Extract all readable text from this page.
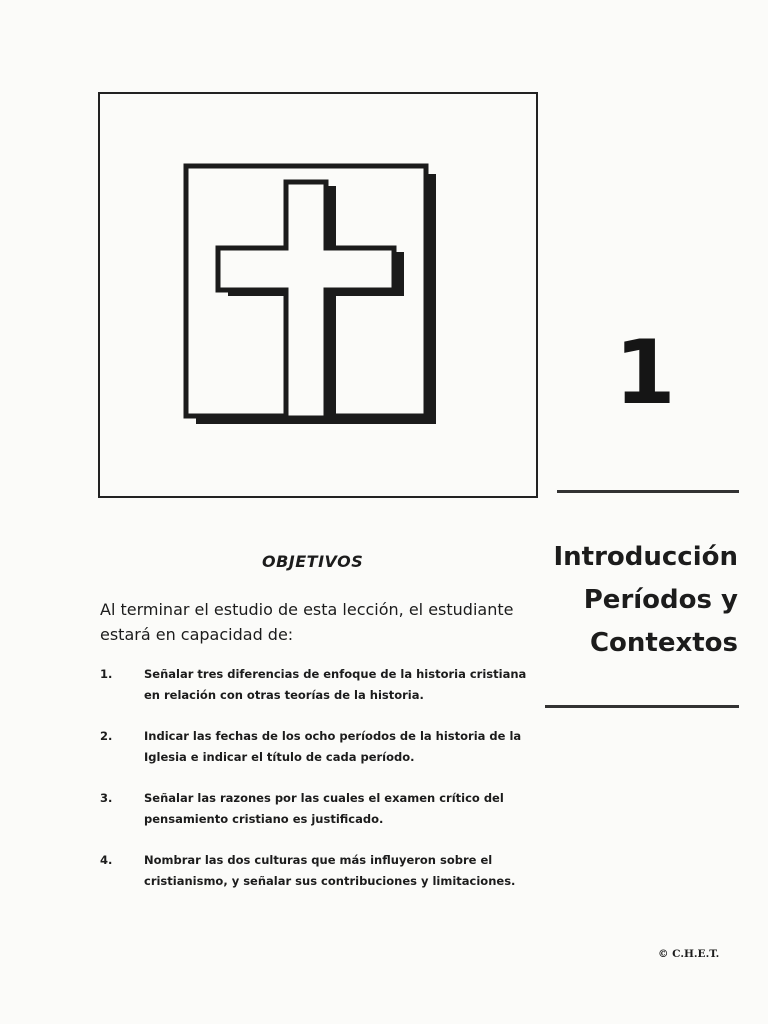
1
Introducción
Períodos y
Contextos
OBJETIVOS
Al terminar el estudio de esta lección, el estudiante estará en capacidad de:
1.	Señalar tres diferencias de enfoque de la historia cristiana en relación con otras teorías de la historia.
2.	Indicar las fechas de los ocho períodos de la historia de la Iglesia e indicar el título de cada período.
3.	Señalar las razones por las cuales el examen crítico del pensamiento cristiano es justificado.
4.	Nombrar las dos culturas que más influyeron sobre el cristianismo, y señalar sus contribuciones y limitaciones.
© C.H.E.T.
